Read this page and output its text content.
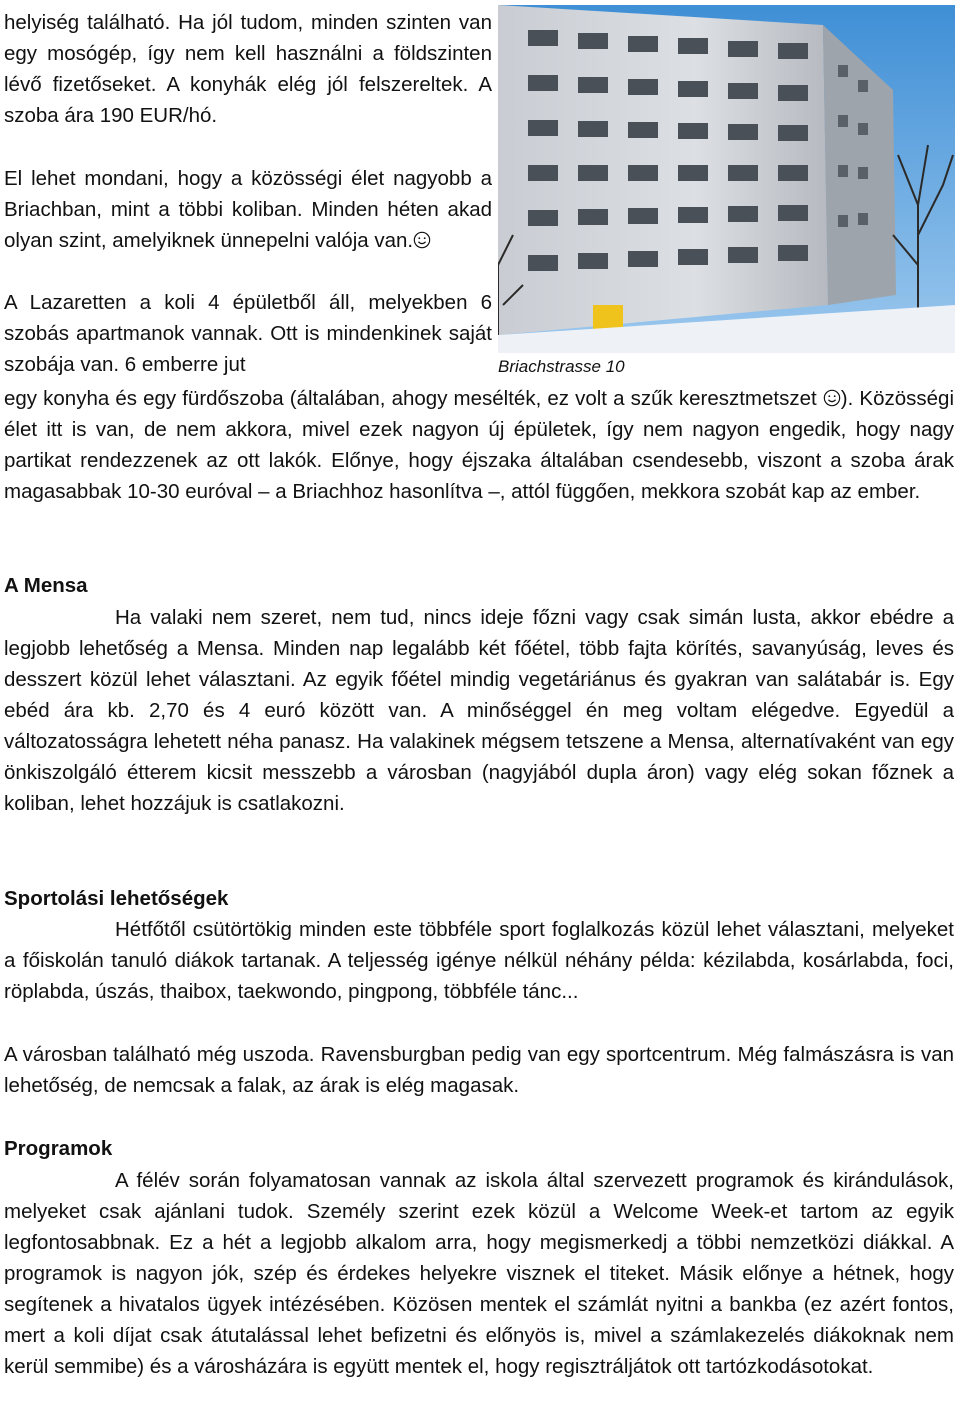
Briachstrasse 10

helyiség található. Ha jól tudom, minden szinten van egy mosógép, így nem kell használni a földszinten lévő fizetőseket. A konyhák elég jól felszereltek. A szoba ára 190 EUR/hó.

El lehet mondani, hogy a közösségi élet nagyobb a Briachban, mint a többi koliban. Minden héten akad olyan szint, amelyiknek ünnepelni valója van.

A Lazaretten a koli 4 épületből áll, melyekben 6 szobás apartmanok vannak. Ott is mindenkinek saját szobája van. 6 emberre jut

egy konyha és egy fürdőszoba (általában, ahogy mesélték, ez volt a szűk keresztmetszet ). Közösségi élet itt is van, de nem akkora, mivel ezek nagyon új épületek, így nem nagyon engedik, hogy nagy partikat rendezzenek az ott lakók. Előnye, hogy éjszaka általában csendesebb, viszont a szoba árak magasabbak 10-30 euróval – a Briachhoz hasonlítva –, attól függően, mekkora szobát kap az ember.

A Mensa

Ha valaki nem szeret, nem tud, nincs ideje főzni vagy csak simán lusta, akkor ebédre a legjobb lehetőség a Mensa. Minden nap legalább két főétel, több fajta körítés, savanyúság, leves és desszert közül lehet választani. Az egyik főétel mindig vegetáriánus és gyakran van salátabár is. Egy ebéd ára kb. 2,70 és 4 euró között van. A minőséggel én meg voltam elégedve. Egyedül a változatosságra lehetett néha panasz. Ha valakinek mégsem tetszene a Mensa, alternatívaként van egy önkiszolgáló étterem kicsit messzebb a városban (nagyjából dupla áron) vagy elég sokan főznek a koliban, lehet hozzájuk is csatlakozni.

Sportolási lehetőségek

Hétfőtől csütörtökig minden este többféle sport foglalkozás közül lehet választani, melyeket a főiskolán tanuló diákok tartanak. A teljesség igénye nélkül néhány példa: kézilabda, kosárlabda, foci, röplabda, úszás, thaibox, taekwondo, pingpong, többféle tánc...

A városban található még uszoda. Ravensburgban pedig van egy sportcentrum. Még falmászásra is van lehetőség, de nemcsak a falak, az árak is elég magasak.

Programok

A félév során folyamatosan vannak az iskola által szervezett programok és kirándulások, melyeket csak ajánlani tudok. Személy szerint ezek közül a Welcome Week-et tartom az egyik legfontosabbnak. Ez a hét a legjobb alkalom arra, hogy megismerkedj a többi nemzetközi diákkal. A programok is nagyon jók, szép és érdekes helyekre visznek el titeket. Másik előnye a hétnek, hogy segítenek a hivatalos ügyek intézésében. Közösen mentek el számlát nyitni a bankba (ez azért fontos, mert a koli díjat csak átutalással lehet befizetni és előnyös is, mivel a számlakezelés diákoknak nem kerül semmibe) és a városházára is együtt mentek el, hogy regisztráljátok ott tartózkodásotokat.
